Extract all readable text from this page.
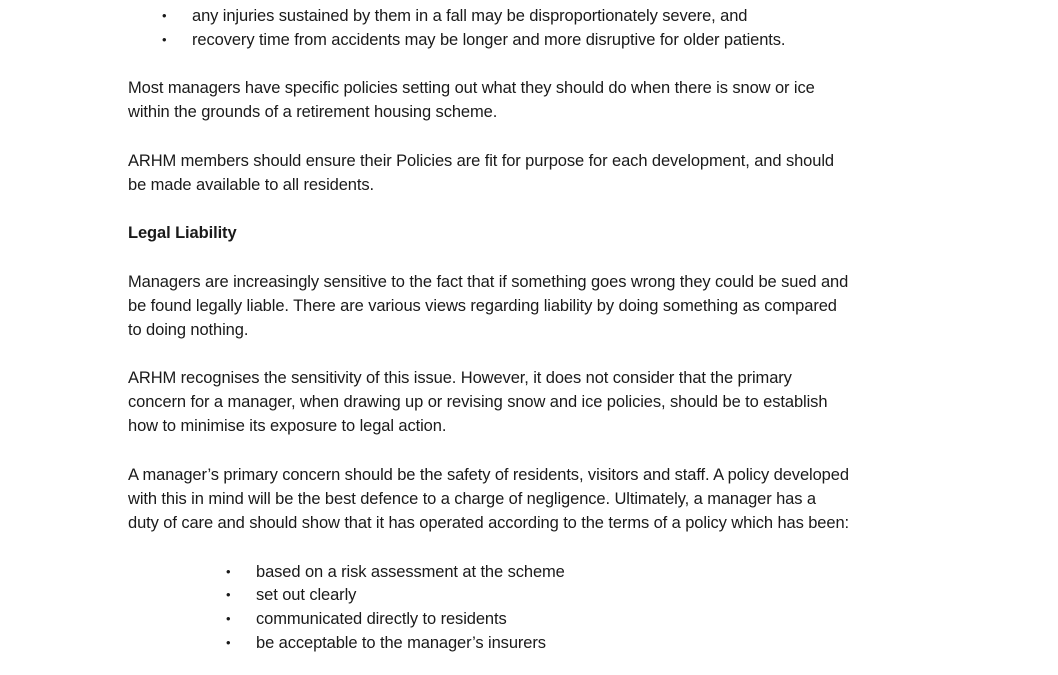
• any injuries sustained by them in a fall may be disproportionately severe, and
• recovery time from accidents may be longer and more disruptive for older patients.
Most managers have specific policies setting out what they should do when there is snow or ice
within the grounds of a retirement housing scheme.
ARHM members should ensure their Policies are fit for purpose for each development, and should
be made available to all residents.
Legal Liability
Managers are increasingly sensitive to the fact that if something goes wrong they could be sued and
be found legally liable. There are various views regarding liability by doing something as compared
to doing nothing.
ARHM recognises the sensitivity of this issue. However, it does not consider that the primary
concern for a manager, when drawing up or revising snow and ice policies, should be to establish
how to minimise its exposure to legal action.
A manager’s primary concern should be the safety of residents, visitors and staff. A policy developed
with this in mind will be the best defence to a charge of negligence. Ultimately, a manager has a
duty of care and should show that it has operated according to the terms of a policy which has been:
• based on a risk assessment at the scheme
• set out clearly
• communicated directly to residents
• be acceptable to the manager’s insurers
